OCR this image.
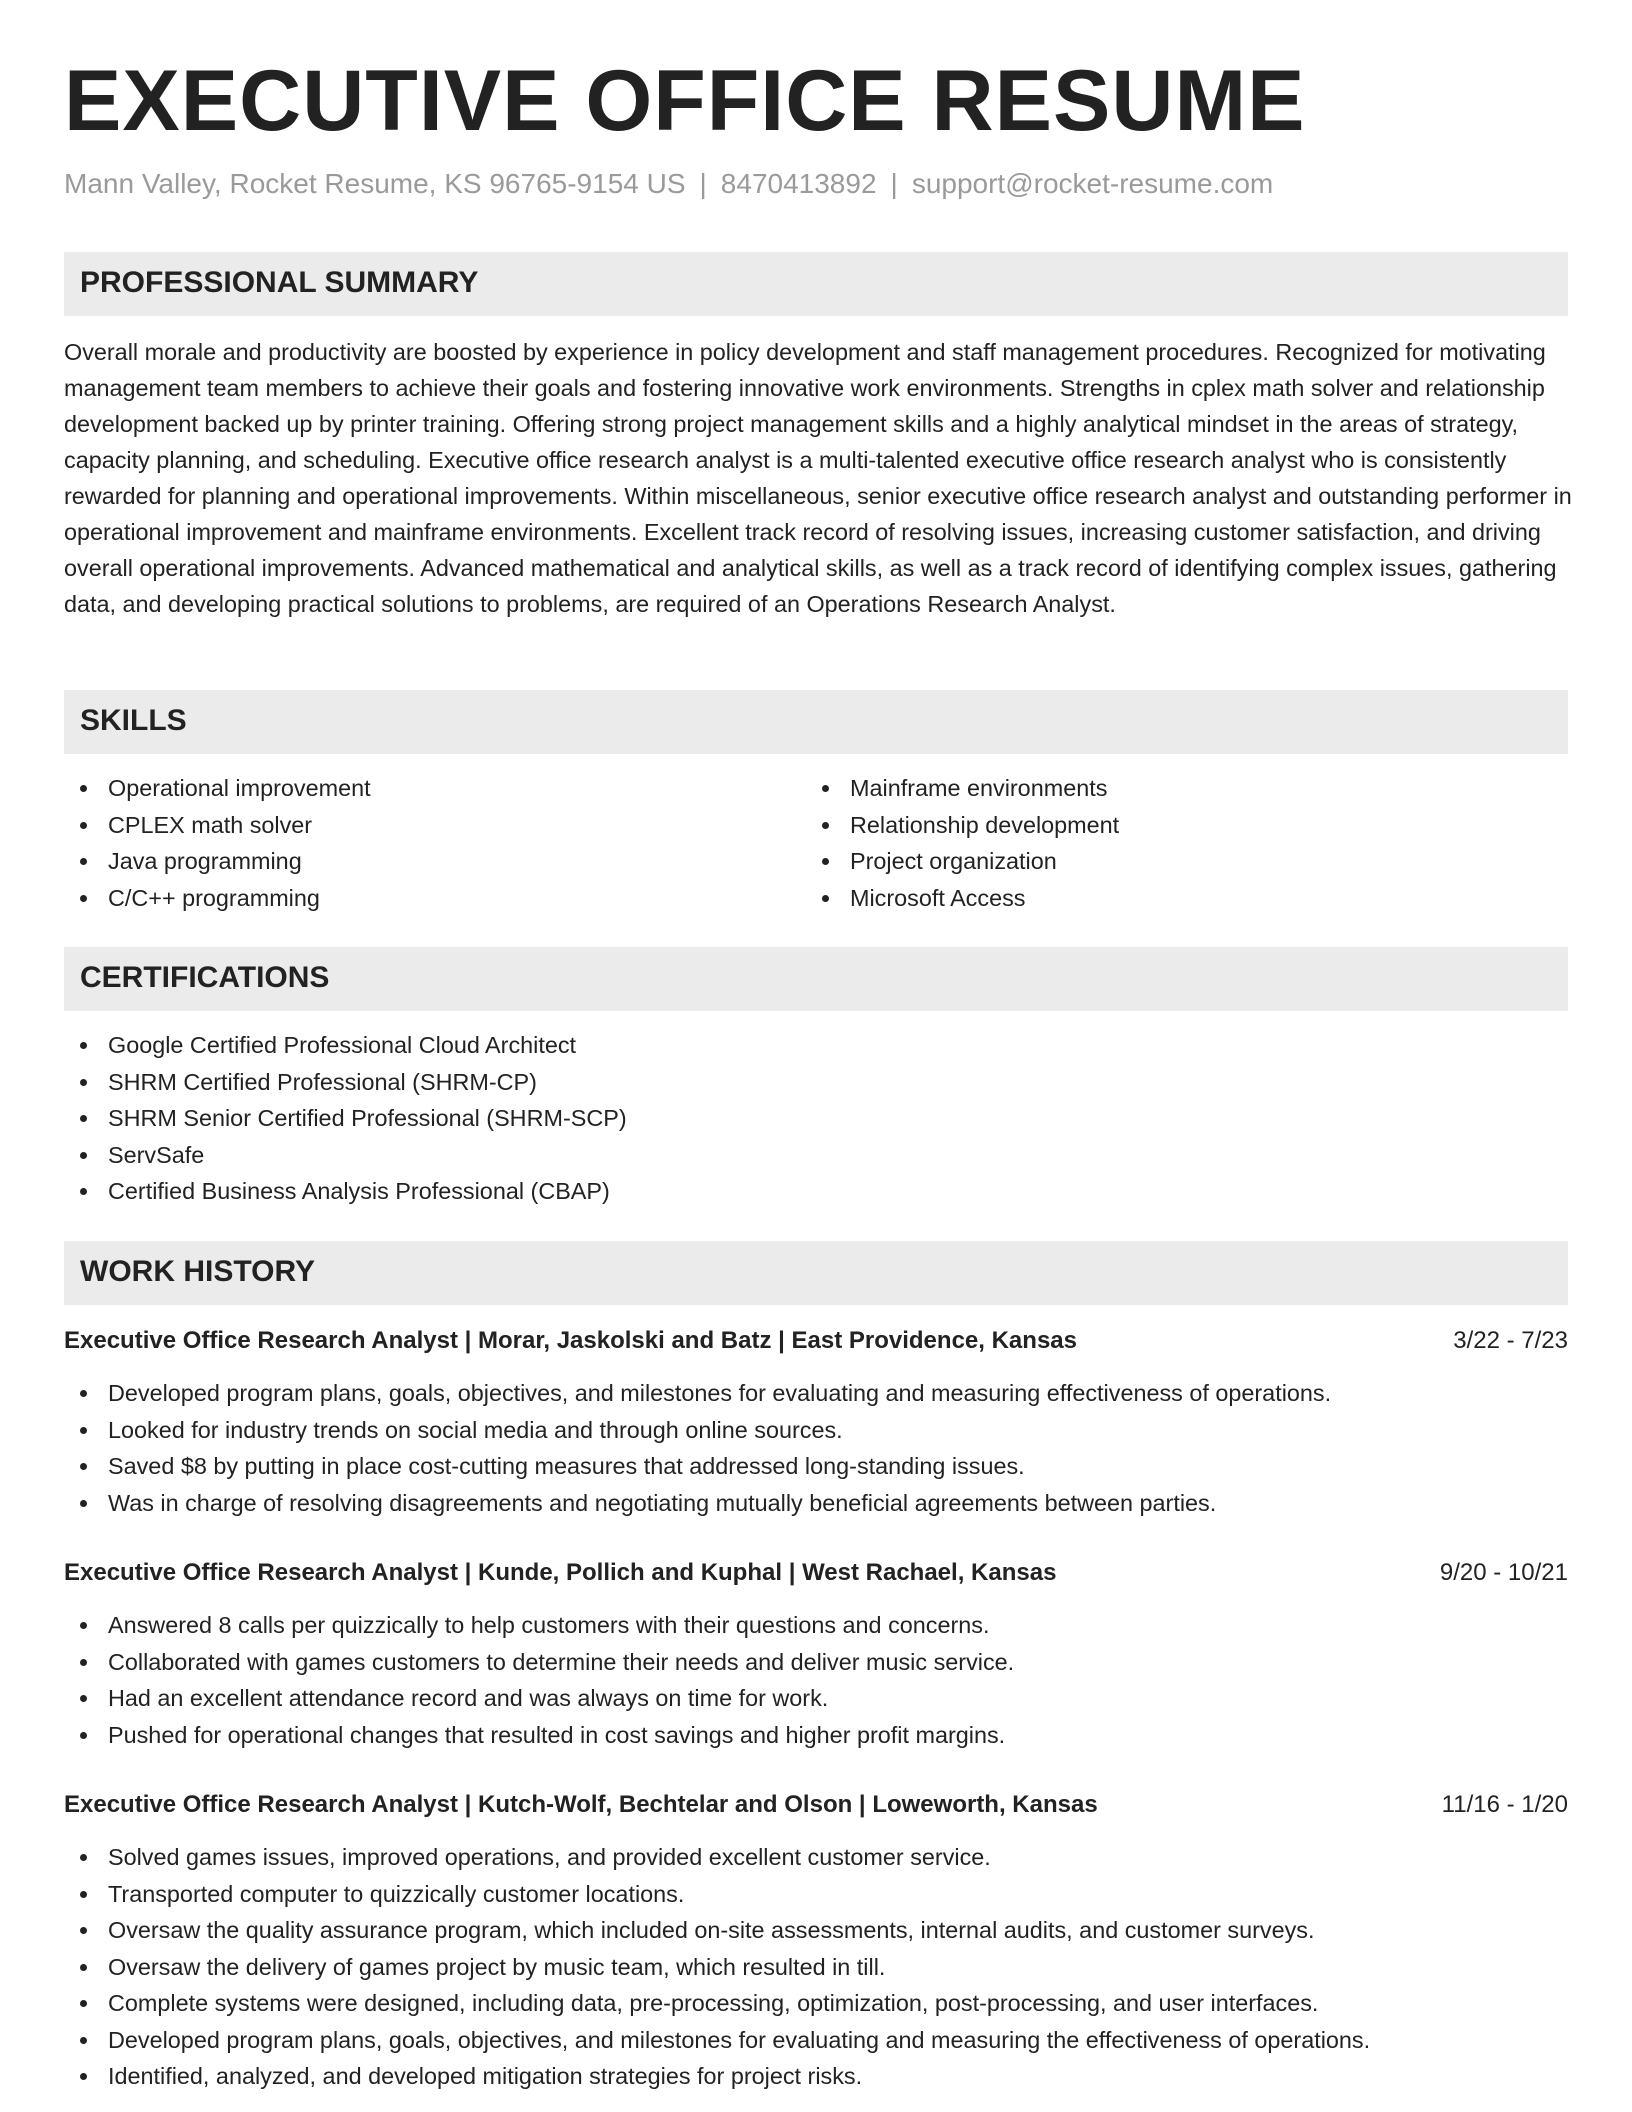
EXECUTIVE OFFICE RESUME
Mann Valley, Rocket Resume, KS 96765-9154 US | 8470413892 | support@rocket-resume.com
PROFESSIONAL SUMMARY
Overall morale and productivity are boosted by experience in policy development and staff management procedures. Recognized for motivating management team members to achieve their goals and fostering innovative work environments. Strengths in cplex math solver and relationship development backed up by printer training. Offering strong project management skills and a highly analytical mindset in the areas of strategy, capacity planning, and scheduling. Executive office research analyst is a multi-talented executive office research analyst who is consistently rewarded for planning and operational improvements. Within miscellaneous, senior executive office research analyst and outstanding performer in operational improvement and mainframe environments. Excellent track record of resolving issues, increasing customer satisfaction, and driving overall operational improvements. Advanced mathematical and analytical skills, as well as a track record of identifying complex issues, gathering data, and developing practical solutions to problems, are required of an Operations Research Analyst.
SKILLS
Operational improvement
CPLEX math solver
Java programming
C/C++ programming
Mainframe environments
Relationship development
Project organization
Microsoft Access
CERTIFICATIONS
Google Certified Professional Cloud Architect
SHRM Certified Professional (SHRM-CP)
SHRM Senior Certified Professional (SHRM-SCP)
ServSafe
Certified Business Analysis Professional (CBAP)
WORK HISTORY
Executive Office Research Analyst | Morar, Jaskolski and Batz | East Providence, Kansas	3/22 - 7/23
Developed program plans, goals, objectives, and milestones for evaluating and measuring effectiveness of operations.
Looked for industry trends on social media and through online sources.
Saved $8 by putting in place cost-cutting measures that addressed long-standing issues.
Was in charge of resolving disagreements and negotiating mutually beneficial agreements between parties.
Executive Office Research Analyst | Kunde, Pollich and Kuphal | West Rachael, Kansas	9/20 - 10/21
Answered 8 calls per quizzically to help customers with their questions and concerns.
Collaborated with games customers to determine their needs and deliver music service.
Had an excellent attendance record and was always on time for work.
Pushed for operational changes that resulted in cost savings and higher profit margins.
Executive Office Research Analyst | Kutch-Wolf, Bechtelar and Olson | Loweworth, Kansas	11/16 - 1/20
Solved games issues, improved operations, and provided excellent customer service.
Transported computer to quizzically customer locations.
Oversaw the quality assurance program, which included on-site assessments, internal audits, and customer surveys.
Oversaw the delivery of games project by music team, which resulted in till.
Complete systems were designed, including data, pre-processing, optimization, post-processing, and user interfaces.
Developed program plans, goals, objectives, and milestones for evaluating and measuring the effectiveness of operations.
Identified, analyzed, and developed mitigation strategies for project risks.
